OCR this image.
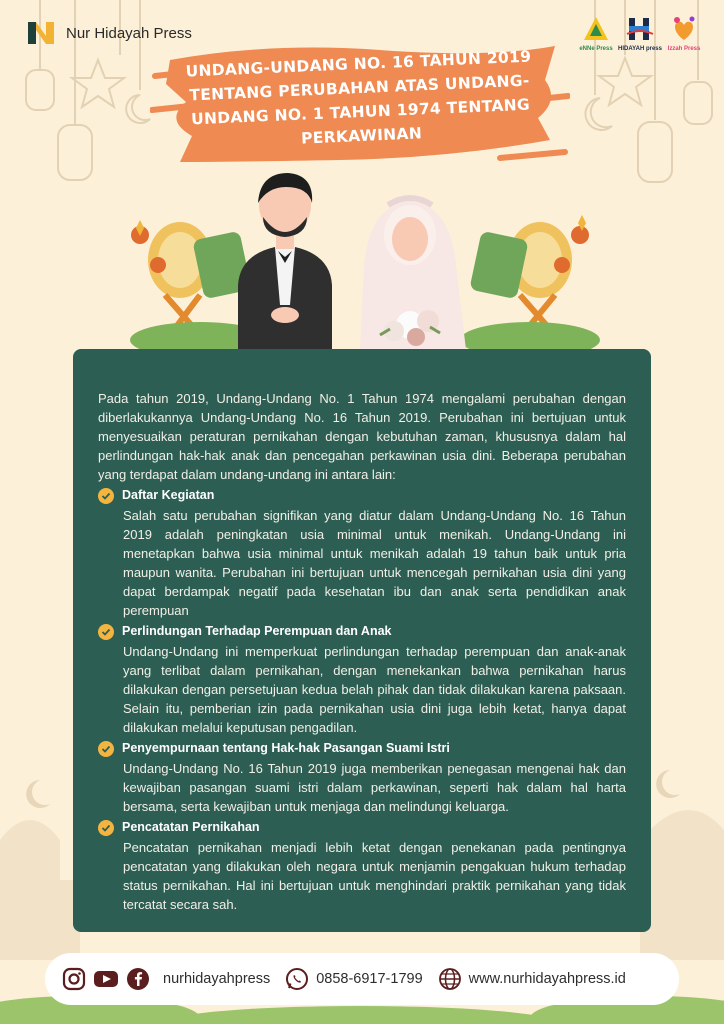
Nur Hidayah Press
eNNe Press HIDAYAH press Izzah Press
UNDANG-UNDANG NO. 16 TAHUN 2019 TENTANG PERUBAHAN ATAS UNDANG-UNDANG NO. 1 TAHUN 1974 TENTANG PERKAWINAN

Pada tahun 2019, Undang-Undang No. 1 Tahun 1974 mengalami perubahan dengan diberlakukannya Undang-Undang No. 16 Tahun 2019. Perubahan ini bertujuan untuk menyesuaikan peraturan pernikahan dengan kebutuhan zaman, khususnya dalam hal perlindungan hak-hak anak dan pencegahan perkawinan usia dini. Beberapa perubahan yang terdapat dalam undang-undang ini antara lain:

Daftar Kegiatan

Salah satu perubahan signifikan yang diatur dalam Undang-Undang No. 16 Tahun 2019 adalah peningkatan usia minimal untuk menikah. Undang-Undang ini menetapkan bahwa usia minimal untuk menikah adalah 19 tahun baik untuk pria maupun wanita. Perubahan ini bertujuan untuk mencegah pernikahan usia dini yang dapat berdampak negatif pada kesehatan ibu dan anak serta pendidikan anak perempuan

Perlindungan Terhadap Perempuan dan Anak

Undang-Undang ini memperkuat perlindungan terhadap perempuan dan anak-anak yang terlibat dalam pernikahan, dengan menekankan bahwa pernikahan harus dilakukan dengan persetujuan kedua belah pihak dan tidak dilakukan karena paksaan. Selain itu, pemberian izin pada pernikahan usia dini juga lebih ketat, hanya dapat dilakukan melalui keputusan pengadilan.

Penyempurnaan tentang Hak-hak Pasangan Suami Istri

Undang-Undang No. 16 Tahun 2019 juga memberikan penegasan mengenai hak dan kewajiban pasangan suami istri dalam perkawinan, seperti hak dalam hal harta bersama, serta kewajiban untuk menjaga dan melindungi keluarga.

Pencatatan Pernikahan

Pencatatan pernikahan menjadi lebih ketat dengan penekanan pada pentingnya pencatatan yang dilakukan oleh negara untuk menjamin pengakuan hukum terhadap status pernikahan. Hal ini bertujuan untuk menghindari praktik pernikahan yang tidak tercatat secara sah.

nurhidayahpress	0858-6917-1799	www.nurhidayahpress.id
